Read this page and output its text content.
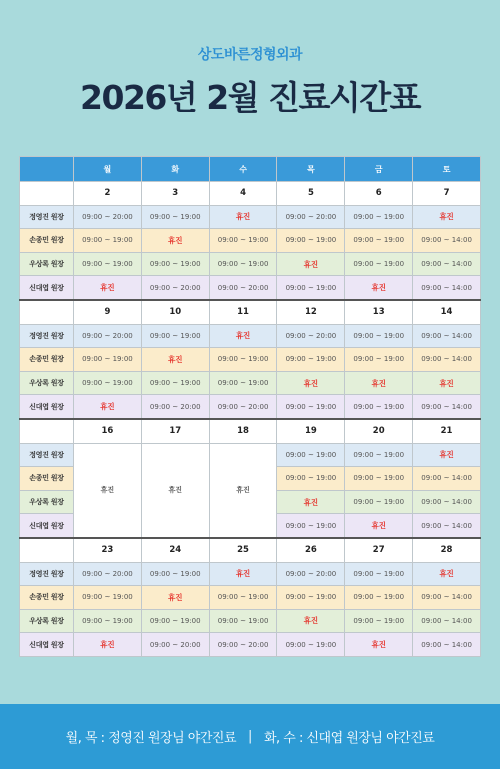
상도바른정형외과
2026년 2월 진료시간표
	월	화	수	목	금	토
	2	3	4	5	6	7
정영진 원장	09:00 ~ 20:00	09:00 ~ 19:00	휴진	09:00 ~ 20:00	09:00 ~ 19:00	휴진
손종민 원장	09:00 ~ 19:00	휴진	09:00 ~ 19:00	09:00 ~ 19:00	09:00 ~ 19:00	09:00 ~ 14:00
우상록 원장	09:00 ~ 19:00	09:00 ~ 19:00	09:00 ~ 19:00	휴진	09:00 ~ 19:00	09:00 ~ 14:00
신대엽 원장	휴진	09:00 ~ 20:00	09:00 ~ 20:00	09:00 ~ 19:00	휴진	09:00 ~ 14:00
	9	10	11	12	13	14
정영진 원장	09:00 ~ 20:00	09:00 ~ 19:00	휴진	09:00 ~ 20:00	09:00 ~ 19:00	09:00 ~ 14:00
손종민 원장	09:00 ~ 19:00	휴진	09:00 ~ 19:00	09:00 ~ 19:00	09:00 ~ 19:00	09:00 ~ 14:00
우상록 원장	09:00 ~ 19:00	09:00 ~ 19:00	09:00 ~ 19:00	휴진	휴진	휴진
신대엽 원장	휴진	09:00 ~ 20:00	09:00 ~ 20:00	09:00 ~ 19:00	09:00 ~ 19:00	09:00 ~ 14:00
	16	17	18	19	20	21
정영진 원장	휴진	휴진	휴진	09:00 ~ 19:00	09:00 ~ 19:00	휴진
손종민 원장				09:00 ~ 19:00	09:00 ~ 19:00	09:00 ~ 14:00
우상록 원장				휴진	09:00 ~ 19:00	09:00 ~ 14:00
신대엽 원장				09:00 ~ 19:00	휴진	09:00 ~ 14:00
	23	24	25	26	27	28
정영진 원장	09:00 ~ 20:00	09:00 ~ 19:00	휴진	09:00 ~ 20:00	09:00 ~ 19:00	휴진
손종민 원장	09:00 ~ 19:00	휴진	09:00 ~ 19:00	09:00 ~ 19:00	09:00 ~ 19:00	09:00 ~ 14:00
우상록 원장	09:00 ~ 19:00	09:00 ~ 19:00	09:00 ~ 19:00	휴진	09:00 ~ 19:00	09:00 ~ 14:00
신대엽 원장	휴진	09:00 ~ 20:00	09:00 ~ 20:00	09:00 ~ 19:00	휴진	09:00 ~ 14:00
월, 목 : 정영진 원장님 야간진료 | 화, 수 : 신대엽 원장님 야간진료
